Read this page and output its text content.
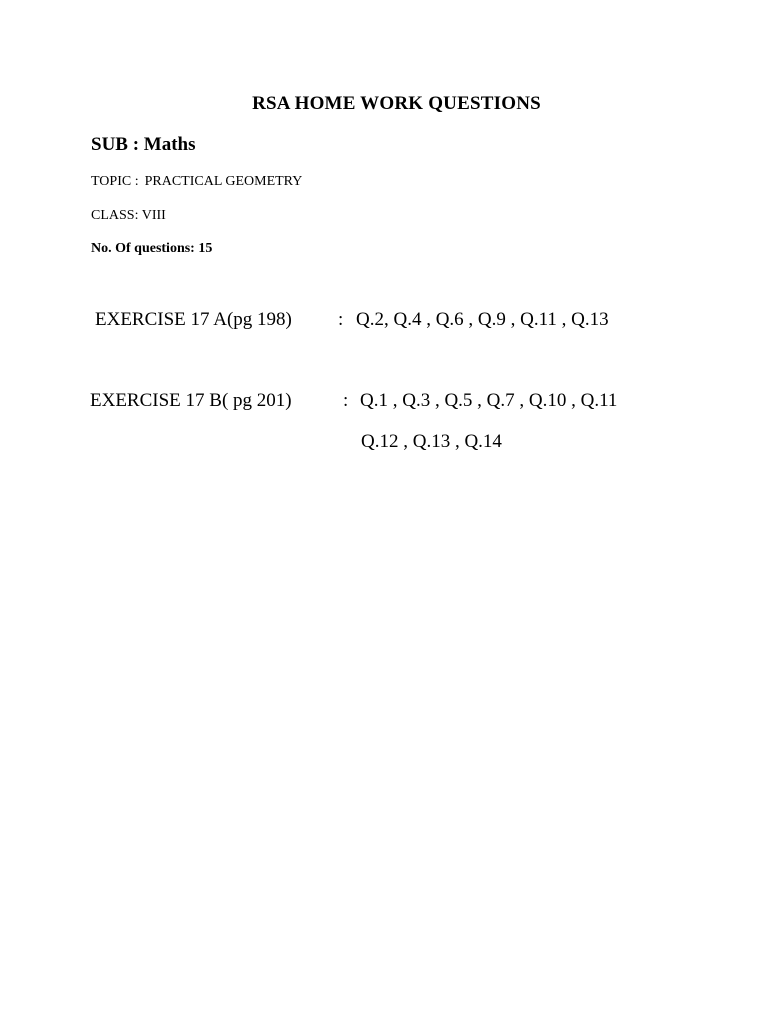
RSA HOME WORK QUESTIONS
SUB : Maths
TOPIC : PRACTICAL GEOMETRY
CLASS: VIII
No. Of questions: 15
EXERCISE 17 A(pg 198) : Q.2, Q.4 , Q.6 , Q.9 , Q.11 , Q.13
EXERCISE 17 B( pg 201)	: Q.1 , Q.3 , Q.5 , Q.7 , Q.10 , Q.11
Q.12 , Q.13 , Q.14
